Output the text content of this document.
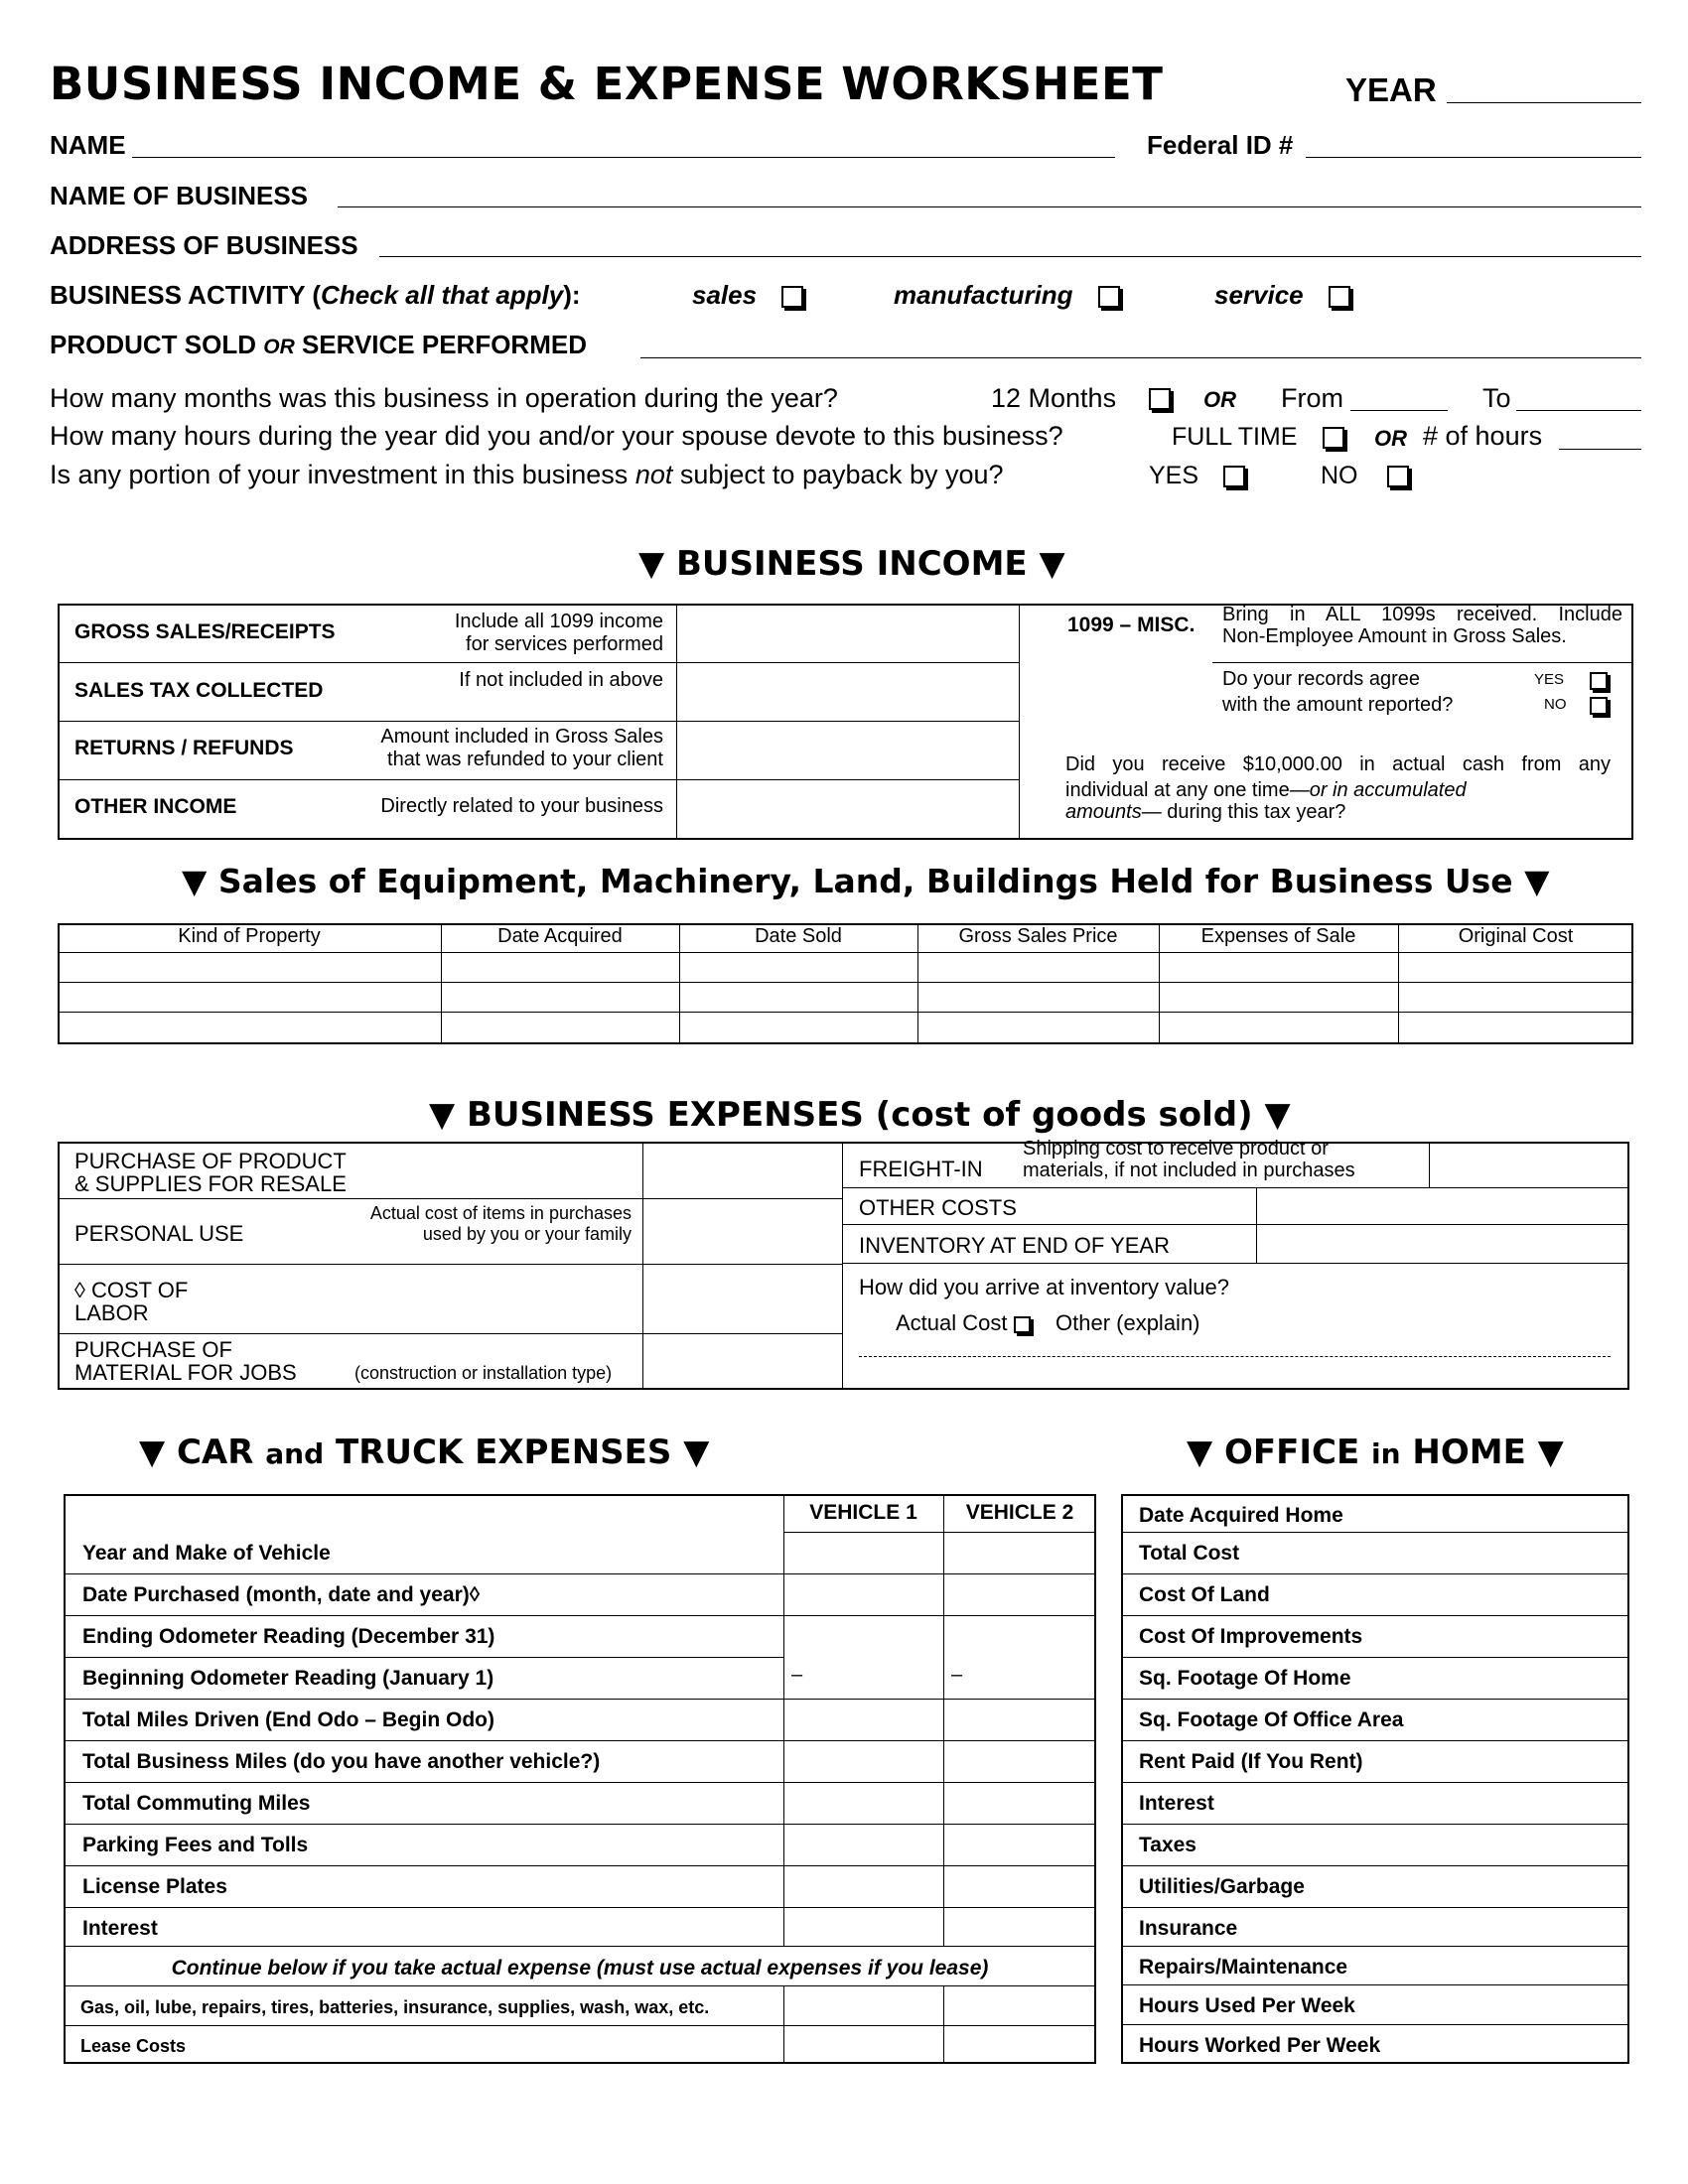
BUSINESS INCOME & EXPENSE WORKSHEET	YEAR
NAME	Federal ID #
NAME OF BUSINESS
ADDRESS OF BUSINESS
BUSINESS ACTIVITY (Check all that apply):	sales	manufacturing	service
PRODUCT SOLD OR SERVICE PERFORMED
How many months was this business in operation during the year?	12 Months	OR From	To
How many hours during the year did you and/or your spouse devote to this business?	FULL TIME	OR # of hours
Is any portion of your investment in this business not subject to payback by you?	YES	NO
▼ BUSINESS INCOME ▼
GROSS SALES/RECEIPTS	Include all 1099 income
for services performed
SALES TAX COLLECTED	If not included in above
RETURNS / REFUNDS	Amount included in Gross Sales
that was refunded to your client
OTHER INCOME	Directly related to your business
1099 – MISC. Bring in ALL 1099s received. Include
Non-Employee Amount in Gross Sales.
Do your records agree
with the amount reported?
YES
NO
Did you receive $10,000.00 in actual cash from any
individual at any one time—or in accumulated
amounts— during this tax year?
▼ Sales of Equipment, Machinery, Land, Buildings Held for Business Use ▼
Kind of Property	Date Acquired	Date Sold	Gross Sales Price	Expenses of Sale	Original Cost
▼ BUSINESS EXPENSES (cost of goods sold) ▼
PURCHASE OF PRODUCT
& SUPPLIES FOR RESALE
PERSONAL USE
Actual cost of items in purchases
used by you or your family
◊ COST OF
LABOR
PURCHASE OF
MATERIAL FOR JOBS	(construction or installation type)
FREIGHT-IN
Shipping cost to receive product or
materials, if not included in purchases
OTHER COSTS
INVENTORY AT END OF YEAR
How did you arrive at inventory value?
Actual Cost	Other (explain)
▼ CAR and TRUCK EXPENSES ▼
VEHICLE 1	VEHICLE 2
Year and Make of Vehicle
Date Purchased (month, date and year)◊
Ending Odometer Reading (December 31)
Beginning Odometer Reading (January 1)
Total Miles Driven (End Odo – Begin Odo)
Total Business Miles (do you have another vehicle?)
Total Commuting Miles
Parking Fees and Tolls
License Plates
Interest
–	–
Continue below if you take actual expense (must use actual expenses if you lease)
Gas, oil, lube, repairs, tires, batteries, insurance, supplies, wash, wax, etc.
Lease Costs
▼ OFFICE in HOME ▼
Date Acquired Home
Total Cost
Cost Of Land
Cost Of Improvements
Sq. Footage Of Home
Sq. Footage Of Office Area
Rent Paid (If You Rent)
Interest
Taxes
Utilities/Garbage
Insurance
Repairs/Maintenance
Hours Used Per Week
Hours Worked Per Week
